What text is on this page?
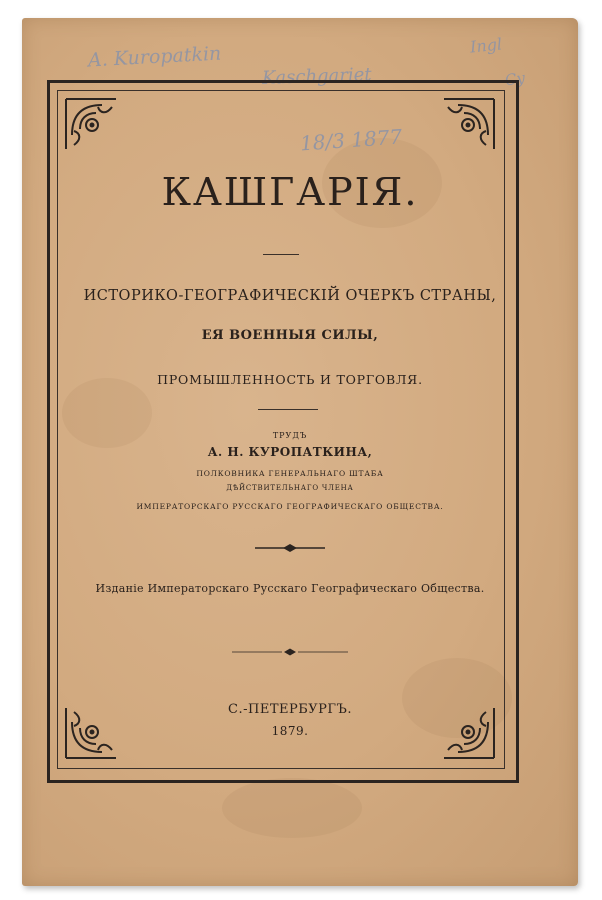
A. Kuropatkin
Kaschgariet
Ingl
Cy
18/3 1877
КАШГАРІЯ.
ИСТОРИКО-ГЕОГРАФИЧЕСКІЙ ОЧЕРКЪ СТРАНЫ,
ЕЯ ВОЕННЫЯ СИЛЫ,
ПРОМЫШЛЕННОСТЬ И ТОРГОВЛЯ.
ТРУДЪ
А. Н. КУРОПАТКИНА,
ПОЛКОВНИКА ГЕНЕРАЛЬНАГО ШТАБА
ДѢЙСТВИТЕЛЬНАГО ЧЛЕНА
ИМПЕРАТОРСКАГО РУССКАГО ГЕОГРАФИЧЕСКАГО ОБЩЕСТВА.
Изданіе Императорскаго Русскаго Географическаго Общества.
С.-ПЕТЕРБУРГЪ.
1879.
